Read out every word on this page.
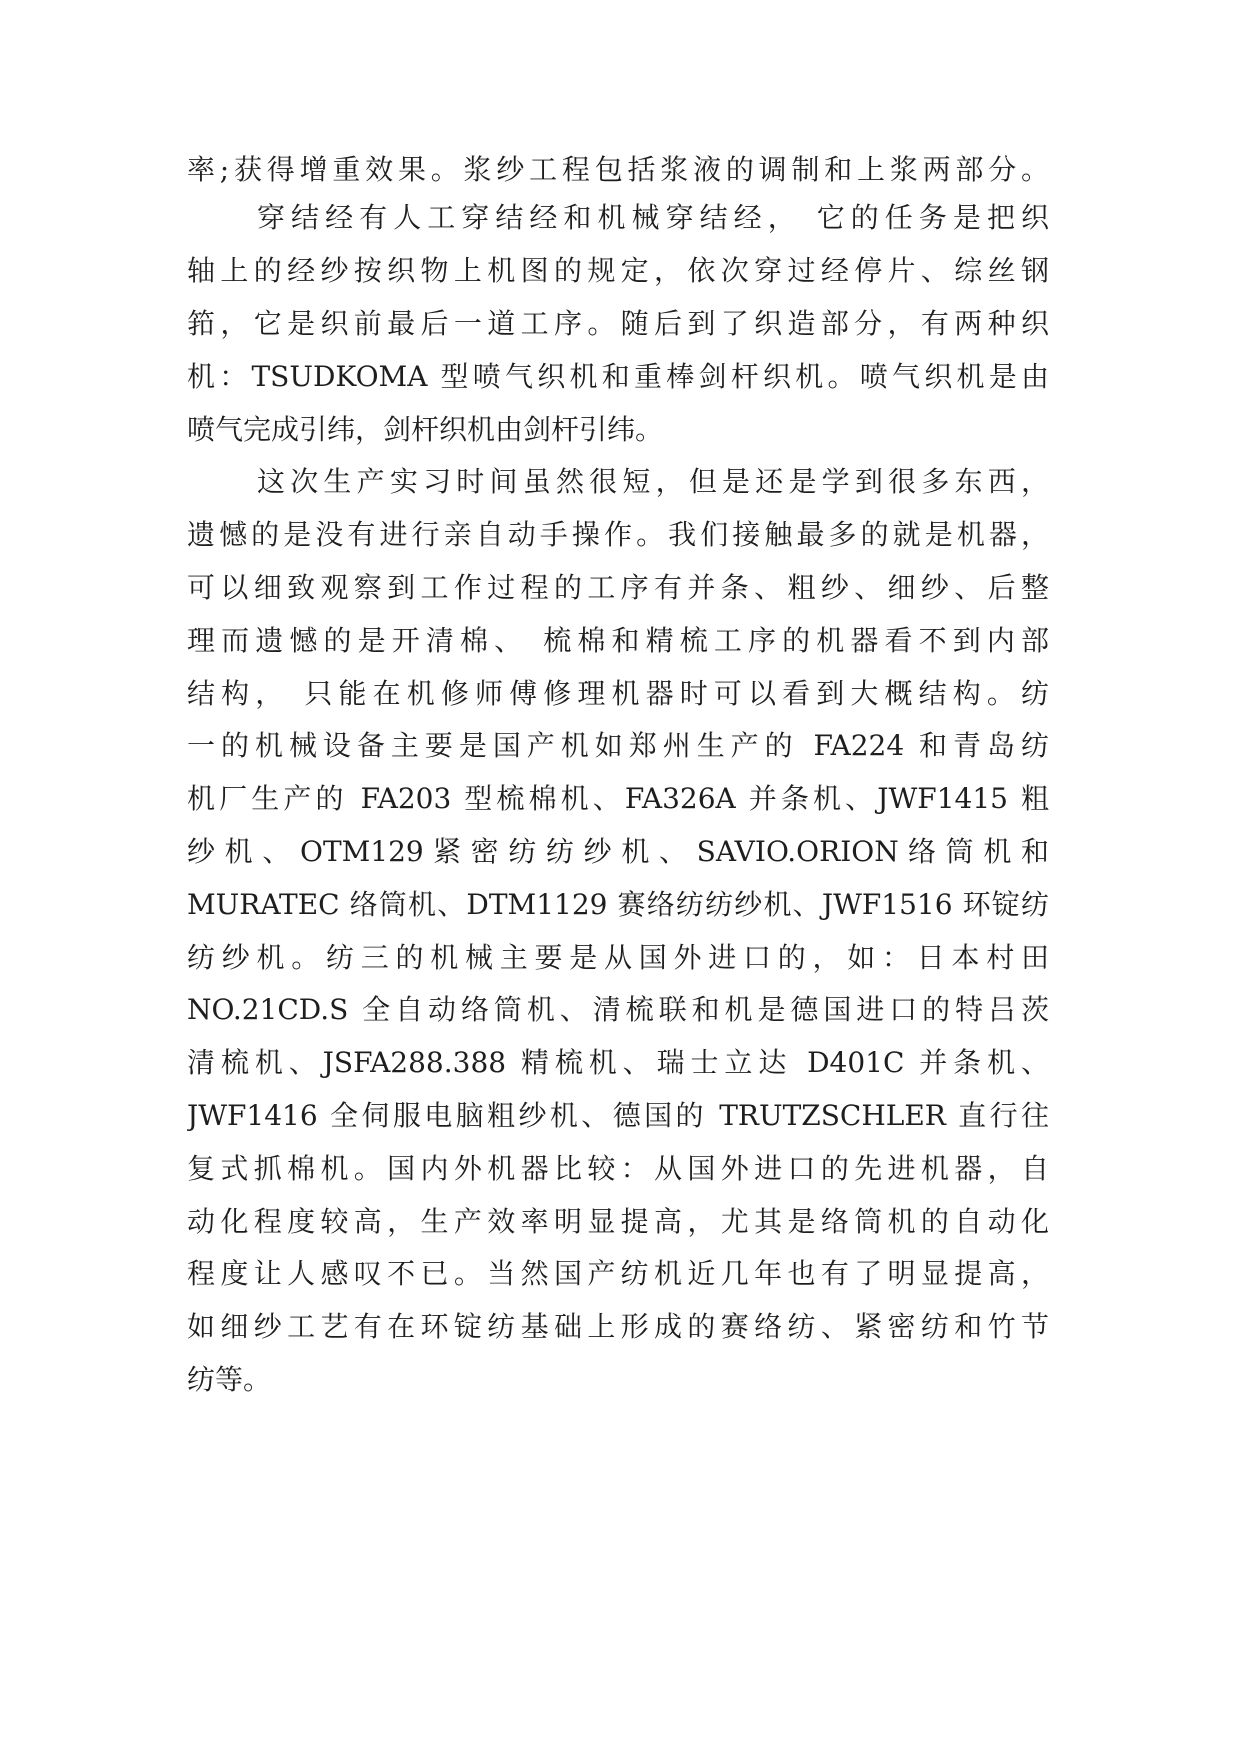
率;获得增重效果。浆纱工程包括浆液的调制和上浆两部分。
穿结经有人工穿结经和机械穿结经， 它的任务是把织
轴上的经纱按织物上机图的规定，依次穿过经停片、综丝钢
筘，它是织前最后一道工序。随后到了织造部分，有两种织
机：TSUDKOMA 型喷气织机和重棒剑杆织机。喷气织机是由
喷气完成引纬，剑杆织机由剑杆引纬。
这次生产实习时间虽然很短，但是还是学到很多东西，
遗憾的是没有进行亲自动手操作。我们接触最多的就是机器，
可以细致观察到工作过程的工序有并条、粗纱、细纱、后整
理而遗憾的是开清棉、 梳棉和精梳工序的机器看不到内部
结构， 只能在机修师傅修理机器时可以看到大概结构。纺
一的机械设备主要是国产机如郑州生产的 FA224 和青岛纺
机厂生产的 FA203 型梳棉机、FA326A 并条机、JWF1415 粗
纱 机 、 OTM129 紧 密 纺 纺 纱 机 、 SAVIO.ORION 络 筒 机 和
MURATEC 络筒机、DTM1129 赛络纺纺纱机、JWF1516 环锭纺
纺纱机。纺三的机械主要是从国外进口的，如：日本村田
NO.21CD.S 全自动络筒机、清梳联和机是德国进口的特吕茨
清梳机、JSFA288.388 精梳机、瑞士立达 D401C 并条机、
JWF1416 全伺服电脑粗纱机、德国的 TRUTZSCHLER 直行往
复式抓棉机。国内外机器比较：从国外进口的先进机器，自
动化程度较高，生产效率明显提高，尤其是络筒机的自动化
程度让人感叹不已。当然国产纺机近几年也有了明显提高，
如细纱工艺有在环锭纺基础上形成的赛络纺、紧密纺和竹节
纺等。
